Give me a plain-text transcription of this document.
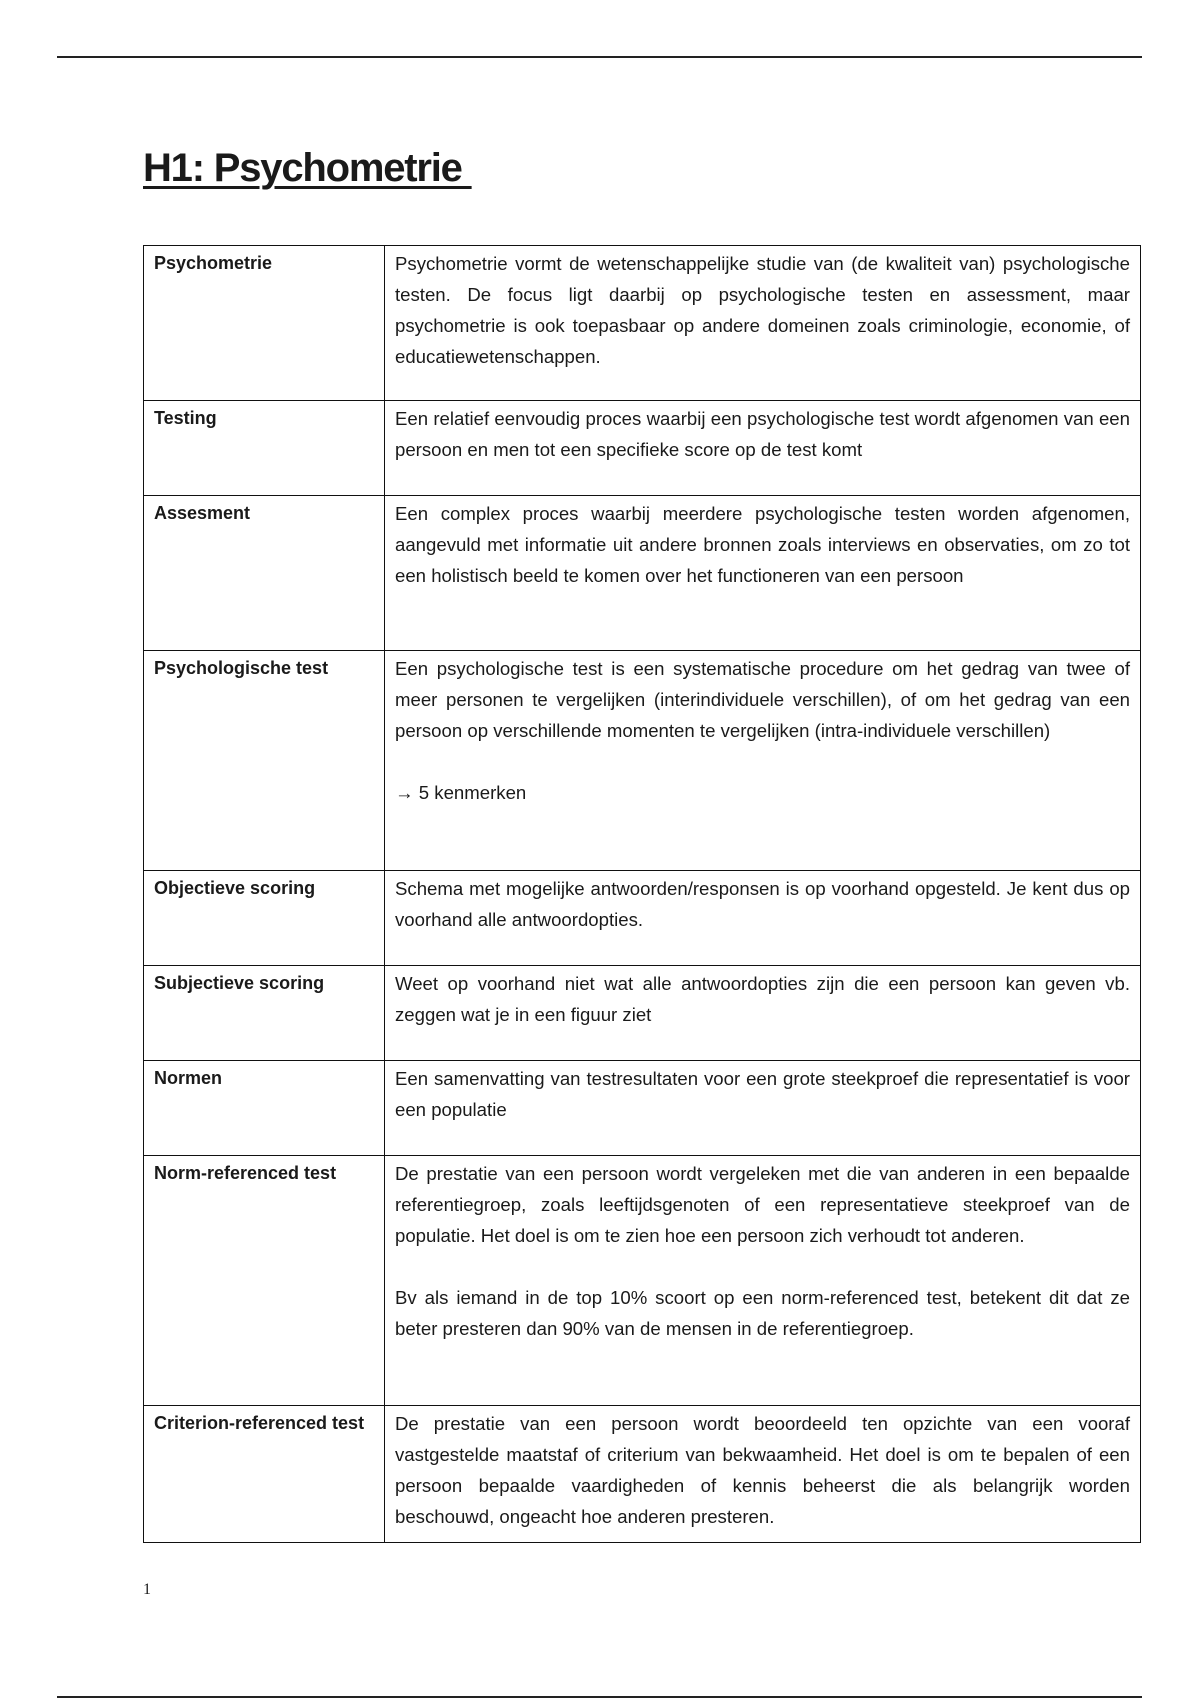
H1: Psychometrie
Psychometrie	Psychometrie vormt de wetenschappelijke studie van (de kwaliteit van) psychologische testen. De focus ligt daarbij op psychologische testen en assessment, maar psychometrie is ook toepasbaar op andere domeinen zoals criminologie, economie, of educatiewetenschappen.

Testing	Een relatief eenvoudig proces waarbij een psychologische test wordt afgenomen van een persoon en men tot een specifieke score op de test komt

Assesment	Een complex proces waarbij meerdere psychologische testen worden afgenomen, aangevuld met informatie uit andere bronnen zoals interviews en observaties, om zo tot een holistisch beeld te komen over het functioneren van een persoon

Psychologische test	Een psychologische test is een systematische procedure om het gedrag van twee of meer personen te vergelijken (interindividuele verschillen), of om het gedrag van een persoon op verschillende momenten te vergelijken (intra-individuele verschillen)
→ 5 kenmerken

Objectieve scoring	Schema met mogelijke antwoorden/responsen is op voorhand opgesteld. Je kent dus op voorhand alle antwoordopties.

Subjectieve scoring	Weet op voorhand niet wat alle antwoordopties zijn die een persoon kan geven vb. zeggen wat je in een figuur ziet

Normen	Een samenvatting van testresultaten voor een grote steekproef die representatief is voor een populatie

Norm-referenced test	De prestatie van een persoon wordt vergeleken met die van anderen in een bepaalde referentiegroep, zoals leeftijdsgenoten of een representatieve steekproef van de populatie. Het doel is om te zien hoe een persoon zich verhoudt tot anderen.
Bv als iemand in de top 10% scoort op een norm-referenced test, betekent dit dat ze beter presteren dan 90% van de mensen in de referentiegroep.

Criterion-referenced test	De prestatie van een persoon wordt beoordeeld ten opzichte van een vooraf vastgestelde maatstaf of criterium van bekwaamheid. Het doel is om te bepalen of een persoon bepaalde vaardigheden of kennis beheerst die als belangrijk worden beschouwd, ongeacht hoe anderen presteren.
1
